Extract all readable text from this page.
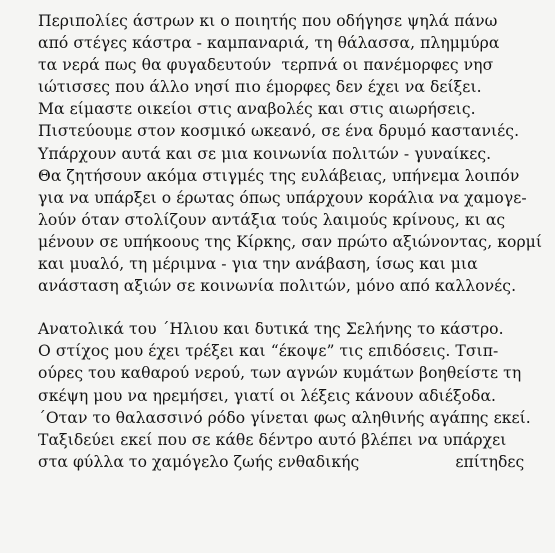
Περιπολίες άστρων κι ο ποιητής που οδήγησε ψηλά πάνω
από στέγες κάστρα - καμπαναριά, τη θάλασσα, πλημμύρα
τα νερά πως θα φυγαδευτούν  τερπνά οι πανέμορφες νησ
ιώτισσες που άλλο νησί πιο έμορφες δεν έχει να δείξει.
Μα είμαστε οικείοι στις αναβολές και στις αιωρήσεις.
Πιστεύουμε στον κοσμικό ωκεανό, σε ένα δρυμό καστανιές.
Υπάρχουν αυτά και σε μια κοινωνία πολιτών - γυναίκες.
Θα ζητήσουν ακόμα στιγμές της ευλάβειας, υπήνεμα λοιπόν
για να υπάρξει ο έρωτας όπως υπάρχουν κοράλια να χαμογε-
λούν όταν στολίζουν αντάξια τούς λαιμούς κρίνους, κι ας
μένουν σε υπήκοους της Κίρκης, σαν πρώτο αξιώνοντας, κορμί
και μυαλό, τη μέριμνα - για την ανάβαση, ίσως και μια
ανάσταση αξιών σε κοινωνία πολιτών, μόνο από καλλονές.
Ανατολικά του ΄Ηλιου και δυτικά της Σελήνης το κάστρο.
Ο στίχος μου έχει τρέξει και “έκοψε” τις επιδόσεις. Τσιπ-
ούρες του καθαρού νερού, των αγνών κυμάτων βοηθείστε τη
σκέψη μου να ηρεμήσει, γιατί οι λέξεις κάνουν αδιέξοδα.
΄Οταν το θαλασσινό ρόδο γίνεται φως αληθινής αγάπης εκεί.
Ταξιδεύει εκεί που σε κάθε δέντρο αυτό βλέπει να υπάρχει
στα φύλλα το χαμόγελο ζωής ενθαδικής	επίτηδες
